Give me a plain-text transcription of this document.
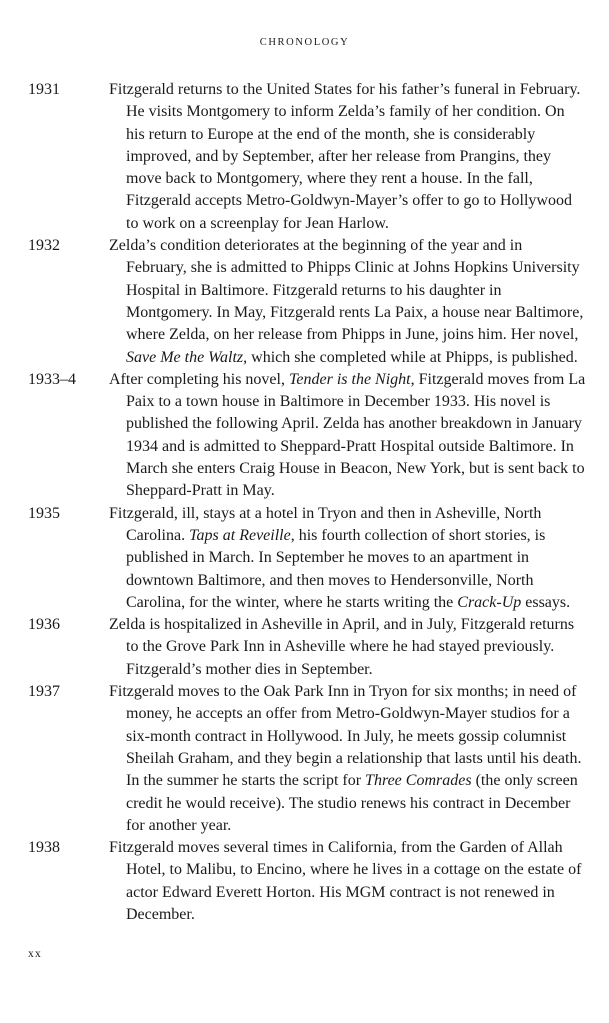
CHRONOLOGY
1931	Fitzgerald returns to the United States for his father’s funeral in February. He visits Montgomery to inform Zelda’s family of her condition. On his return to Europe at the end of the month, she is considerably improved, and by September, after her release from Prangins, they move back to Montgomery, where they rent a house. In the fall, Fitzgerald accepts Metro-Goldwyn-Mayer’s offer to go to Hollywood to work on a screenplay for Jean Harlow.
1932	Zelda’s condition deteriorates at the beginning of the year and in February, she is admitted to Phipps Clinic at Johns Hopkins University Hospital in Baltimore. Fitzgerald returns to his daughter in Montgomery. In May, Fitzgerald rents La Paix, a house near Baltimore, where Zelda, on her release from Phipps in June, joins him. Her novel, Save Me the Waltz, which she completed while at Phipps, is published.
1933–4	After completing his novel, Tender is the Night, Fitzgerald moves from La Paix to a town house in Baltimore in December 1933. His novel is published the following April. Zelda has another breakdown in January 1934 and is admitted to Sheppard-Pratt Hospital outside Baltimore. In March she enters Craig House in Beacon, New York, but is sent back to Sheppard-Pratt in May.
1935	Fitzgerald, ill, stays at a hotel in Tryon and then in Asheville, North Carolina. Taps at Reveille, his fourth collection of short stories, is published in March. In September he moves to an apartment in downtown Baltimore, and then moves to Hendersonville, North Carolina, for the winter, where he starts writing the Crack-Up essays.
1936	Zelda is hospitalized in Asheville in April, and in July, Fitzgerald returns to the Grove Park Inn in Asheville where he had stayed previously. Fitzgerald’s mother dies in September.
1937	Fitzgerald moves to the Oak Park Inn in Tryon for six months; in need of money, he accepts an offer from Metro-Goldwyn-Mayer studios for a six-month contract in Hollywood. In July, he meets gossip columnist Sheilah Graham, and they begin a relationship that lasts until his death. In the summer he starts the script for Three Comrades (the only screen credit he would receive). The studio renews his contract in December for another year.
1938	Fitzgerald moves several times in California, from the Garden of Allah Hotel, to Malibu, to Encino, where he lives in a cottage on the estate of actor Edward Everett Horton. His MGM contract is not renewed in December.
xx
